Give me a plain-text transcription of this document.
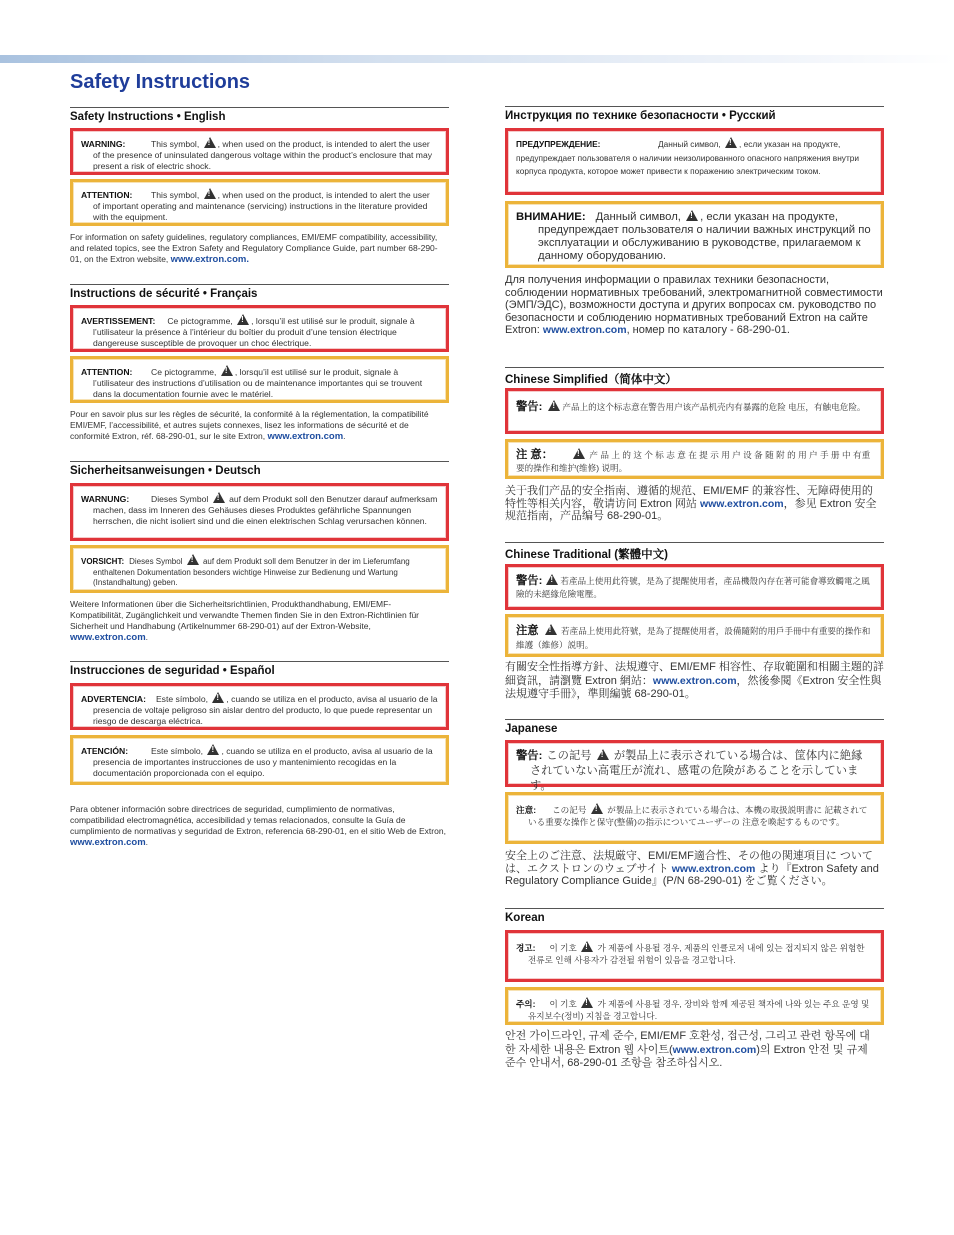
Safety Instructions
Safety Instructions • English
WARNING:	This symbol, ! , when used on the product, is intended to alert the user of the presence of uninsulated dangerous voltage within the product’s enclosure that may present a risk of electric shock.
ATTENTION: This symbol, ! , when used on the product, is intended to alert the user of important operating and maintenance (servicing) instructions in the literature provided with the equipment.
For information on safety guidelines, regulatory compliances, EMI/EMF compatibility, accessibility, and related topics, see the Extron Safety and Regulatory Compliance Guide, part number 68-290-01, on the Extron website, www.extron.com.
Instructions de sécurité • Français
AVERTISSEMENT: Ce pictogramme, ! , lorsqu’il est utilisé sur le produit, signale à l’utilisateur la présence à l’intérieur du boîtier du produit d’une tension électrique dangereuse susceptible de provoquer un choc électrique.
ATTENTION: Ce pictogramme, ! , lorsqu’il est utilisé sur le produit, signale à l’utilisateur des instructions d’utilisation ou de maintenance importantes qui se trouvent dans la documentation fournie avec le matériel.
Pour en savoir plus sur les règles de sécurité, la conformité à la réglementation, la compatibilité EMI/EMF, l’accessibilité, et autres sujets connexes, lisez les informations de sécurité et de conformité Extron, réf. 68-290-01, sur le site Extron, www.extron.com.
Sicherheitsanweisungen • Deutsch
WARNUNG:	Dieses Symbol ! auf dem Produkt soll den Benutzer darauf aufmerksam machen, dass im Inneren des Gehäuses dieses Produktes gefährliche Spannungen herrschen, die nicht isoliert sind und die einen elektrischen Schlag verursachen können.
VORSICHT: Dieses Symbol !	auf dem Produkt soll dem Benutzer in der im Lieferumfang enthaltenen Dokumentation besonders wichtige Hinweise zur Bedienung und Wartung (Instandhaltung) geben.
Weitere Informationen über die Sicherheitsrichtlinien, Produkthandhabung, EMI/EMF-Kompatibilität, Zugänglichkeit und verwandte Themen finden Sie in den Extron-Richtlinien für Sicherheit und Handhabung (Artikelnummer 68-290-01) auf der Extron-Website, www.extron.com.
Instrucciones de seguridad • Español
ADVERTENCIA: Este símbolo, ! , cuando se utiliza en el producto, avisa al usuario de la presencia de voltaje peligroso sin aislar dentro del producto, lo que puede representar un riesgo de descarga eléctrica.
ATENCIÓN:	Este símbolo, ! , cuando se utiliza en el producto, avisa al usuario de la presencia de importantes instrucciones de uso y mantenimiento recogidas en la documentación proporcionada con el equipo.
Para obtener información sobre directrices de seguridad, cumplimiento de normativas, compatibilidad electromagnética, accesibilidad y temas relacionados, consulte la Guía de cumplimiento de normativas y seguridad de Extron, referencia 68-290-01, en el sitio Web de Extron, www.extron.com.
Инструкция по технике безопасности • Русский
ПРЕДУПРЕЖДЕНИЕ:	Данный символ, ! , если указан на продукте, предупреждает пользователя о наличии неизолированного опасного напряжения внутри корпуса продукта, которое может привести к поражению электрическим током.
ВНИМАНИЕ: Данный символ, ! , если указан на продукте, предупреждает пользователя о наличии важных инструкций по эксплуатации и обслуживанию в руководстве, прилагаемом к данному оборудованию.
Для получения информации о правилах техники безопасности, соблюдении нормативных требований, электромагнитной совместимости (ЭМП/ЭДС), возможности доступа и других вопросах см. руководство по безопасности и соблюдению нормативных требований Extron на сайте Extron: www.extron.com, номер по каталогу - 68-290-01.
Chinese Simplified（简体中文）
警告: ! 产品上的这个标志意在警告用户该产品机壳内有暴露的危险 电压，有触电危险。
注 意： !	产 品 上 的 这 个 标 志 意 在 提 示 用 户 设 备 随 附 的 用 户 手 册 中 有重要的操作和维护(维修) 说明。
关于我们产品的安全指南、遵循的规范、EMI/EMF 的兼容性、无障碍使用的特性等相关内容，敬请访问 Extron 网站 www.extron.com，参见 Extron 安全规范指南，产品编号 68-290-01。
Chinese Traditional (繁體中文)
警告: ! 若產品上使用此符號，是為了提醒使用者，產品機殼內存在著可能會導致觸電之風險的未絕緣危險電壓。
注意 !	若產品上使用此符號，是為了提醒使用者，設備隨附的用戶手冊中有重要的操作和維護（維修）説明。
有關安全性指導方針、法規遵守、EMI/EMF 相容性、存取範圍和相關主題的詳細資訊，請瀏覽 Extron 網站：www.extron.com，然後參閱《Extron 安全性與法規遵守手冊》，準則編號 68-290-01。
Japanese
警告: この記号 ! が製品上に表示されている場合は、筐体内に絶縁されていない高電圧が流れ、感電の危険があることを示しています。
注意: この記号 ! が製品上に表示されている場合は、本機の取扱説明書に 記載されている重要な操作と保守(整備)の指示についてユーザーの 注意を喚起するものです。
安全上のご注意、法規厳守、EMI/EMF適合性、その他の関連項目に ついては、エクストロンのウェブサイト www.extron.com より『Extron Safety and Regulatory Compliance Guide』(P/N 68-290-01) をご覧ください。
Korean
경고: 이 기호 ! 가 제품에 사용될 경우, 제품의 인클로저 내에 있는 접지되지 않은 위험한 전류로 인해 사용자가 감전될 위험이 있음을 경고합니다.
주의: 이 기호 ! 가 제품에 사용될 경우, 장비와 함께 제공된 책자에 나와 있는 주요 운영 및 유지보수(정비) 지침을 경고합니다.
안전 가이드라인, 규제 준수, EMI/EMF 호환성, 접근성, 그리고 관련 항목에 대한 자세한 내용은 Extron 웹 사이트(www.extron.com)의 Extron 안전 및 규제 준수 안내서, 68-290-01 조항을 참조하십시오.
